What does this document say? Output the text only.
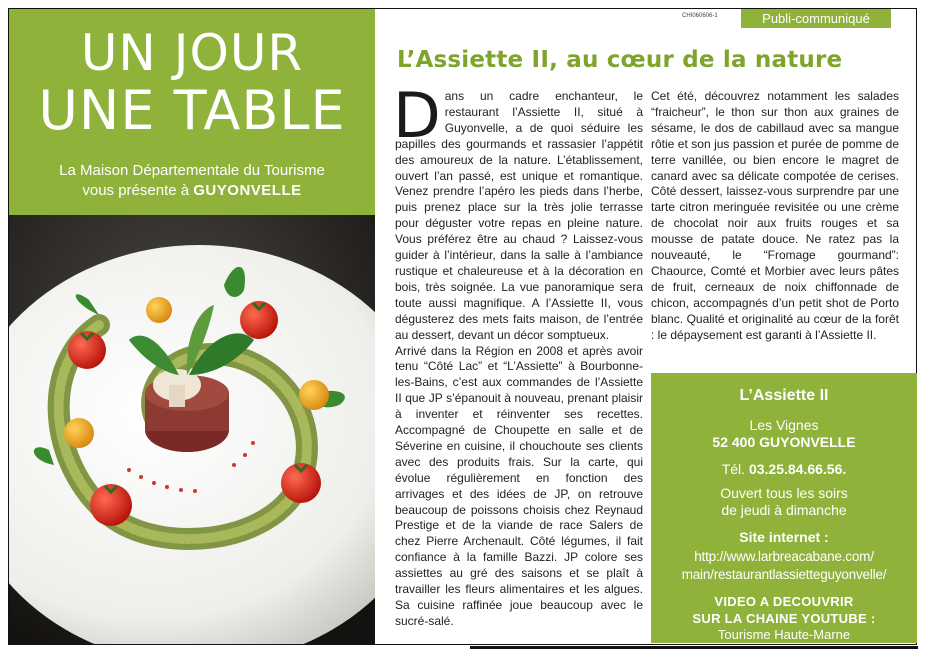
UN JOUR
UNE TABLE
La Maison Départementale du Tourisme
vous présente à GUYONVELLE
CHI060606-1	Publi-communiqué
L’Assiette II, au cœur de la nature

Dans un cadre enchanteur, le restaurant l’Assiette II, situé à Guyonvelle, a de quoi séduire les papilles des gourmands et rassasier l’appétit des amoureux de la nature. L’établissement, ouvert l’an passé, est unique et romantique. Venez prendre l’apéro les pieds dans l’herbe, puis prenez place sur la très jolie terrasse pour déguster votre repas en pleine nature. Vous préférez être au chaud ? Laissez-vous guider à l’intérieur, dans la salle à l’ambiance rustique et chaleureuse et à la décoration en bois, très soignée. La vue panoramique sera toute aussi magnifique. A l’Assiette II, vous dégusterez des mets faits maison, de l’entrée au dessert, devant un décor somptueux.

Arrivé dans la Région en 2008 et après avoir tenu “Côté Lac” et “L’Assiette” à Bourbonne-les-Bains, c’est aux commandes de l’Assiette II que JP s’épanouit à nouveau, prenant plaisir à inventer et réinventer ses recettes. Accompagné de Choupette en salle et de Séverine en cuisine, il chouchoute ses clients avec des produits frais. Sur la carte, qui évolue régulièrement en fonction des arrivages et des idées de JP, on retrouve beaucoup de poissons choisis chez Reynaud Prestige et de la viande de race Salers de chez Pierre Archenault. Côté légumes, il fait confiance à la famille Bazzi. JP colore ses assiettes au gré des saisons et se plaît à travailler les fleurs alimentaires et les algues. Sa cuisine raffinée joue beaucoup avec le sucré-salé.

Cet été, découvrez notamment les salades “fraicheur”, le thon sur thon aux graines de sésame, le dos de cabillaud avec sa mangue rôtie et son jus passion et purée de pomme de terre vanillée, ou bien encore le magret de canard avec sa délicate compotée de cerises. Côté dessert, laissez-vous surprendre par une tarte citron meringuée revisitée ou une crème de chocolat noir aux fruits rouges et sa mousse de patate douce. Ne ratez pas la nouveauté, le “Fromage gourmand”: Chaource, Comté et Morbier avec leurs pâtes de fruit, cerneaux de noix chiffonnade de chicon, accompagnés d’un petit shot de Porto blanc. Qualité et originalité au cœur de la forêt : le dépaysement est garanti à l’Assiette II.

L’Assiette II
Les Vignes
52 400 GUYONVELLE
Tél. 03.25.84.66.56.
Ouvert tous les soirs
de jeudi à dimanche
Site internet :
http://www.larbreacabane.com/
main/restaurantlassietteguyonvelle/
VIDEO A DECOUVRIR
SUR LA CHAINE YOUTUBE :
Tourisme Haute-Marne
